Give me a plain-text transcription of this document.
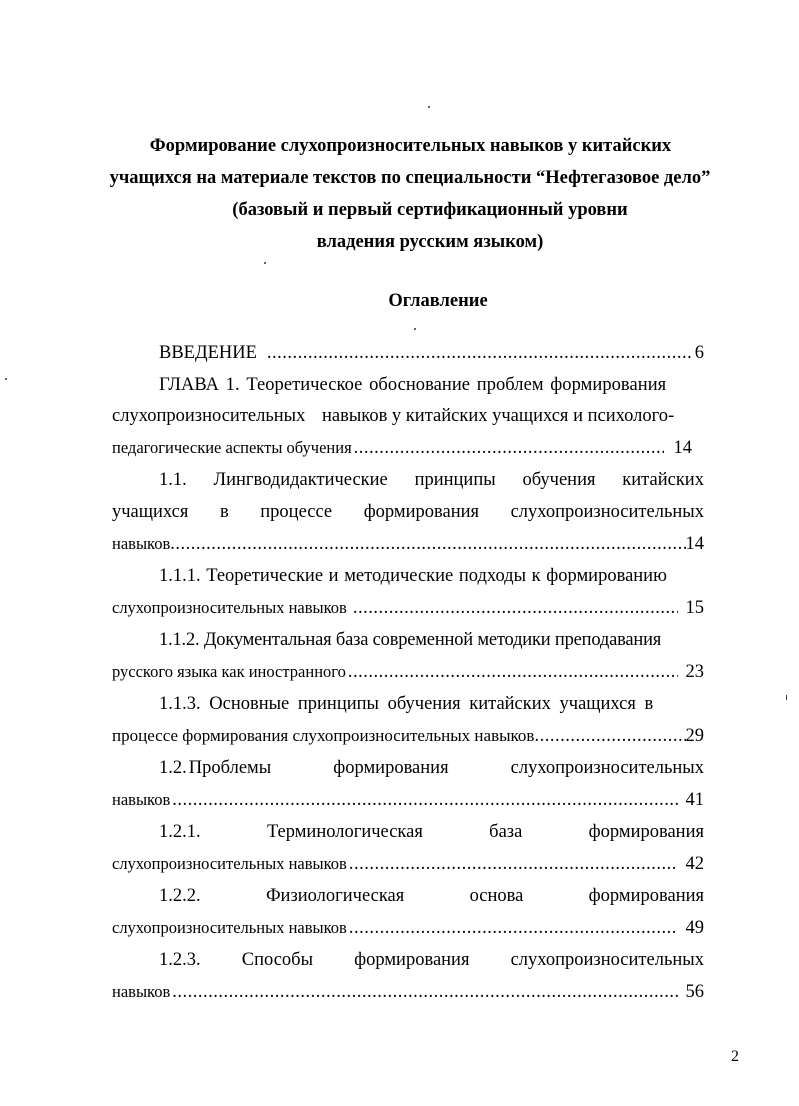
Формирование слухопроизносительных навыков у китайских
учащихся на материале текстов по специальности “Нефтегазовое дело”
(базовый и первый сертификационный уровни
владения русским языком)
Оглавление
ВВЕДЕНИЕ .....	6
ГЛАВА 1. Теоретическое обоснование проблем формирования
слухопроизносительных навыков у китайских учащихся и психолого-
педагогические аспекты обучения .....	14
1.1. Лингводидактические принципы обучения китайских
учащихся в процессе формирования слухопроизносительных
навыков .....	14
1.1.1. Теоретические и методические подходы к формированию
слухопроизносительных навыков .....	15
1.1.2. Документальная база современной методики преподавания
русского языка как иностранного .....	23
1.1.3. Основные принципы обучения китайских учащихся в
процессе формирования слухопроизносительных навыков .....	29
1.2. Проблемы	формирования	слухопроизносительных
навыков .....	41
1.2.1.	Терминологическая	база	формирования
слухопроизносительных навыков .....	42
1.2.2.	Физиологическая	основа	формирования
слухопроизносительных навыков .....	49
1.2.3. Способы формирования слухопроизносительных
навыков .....	56
2
